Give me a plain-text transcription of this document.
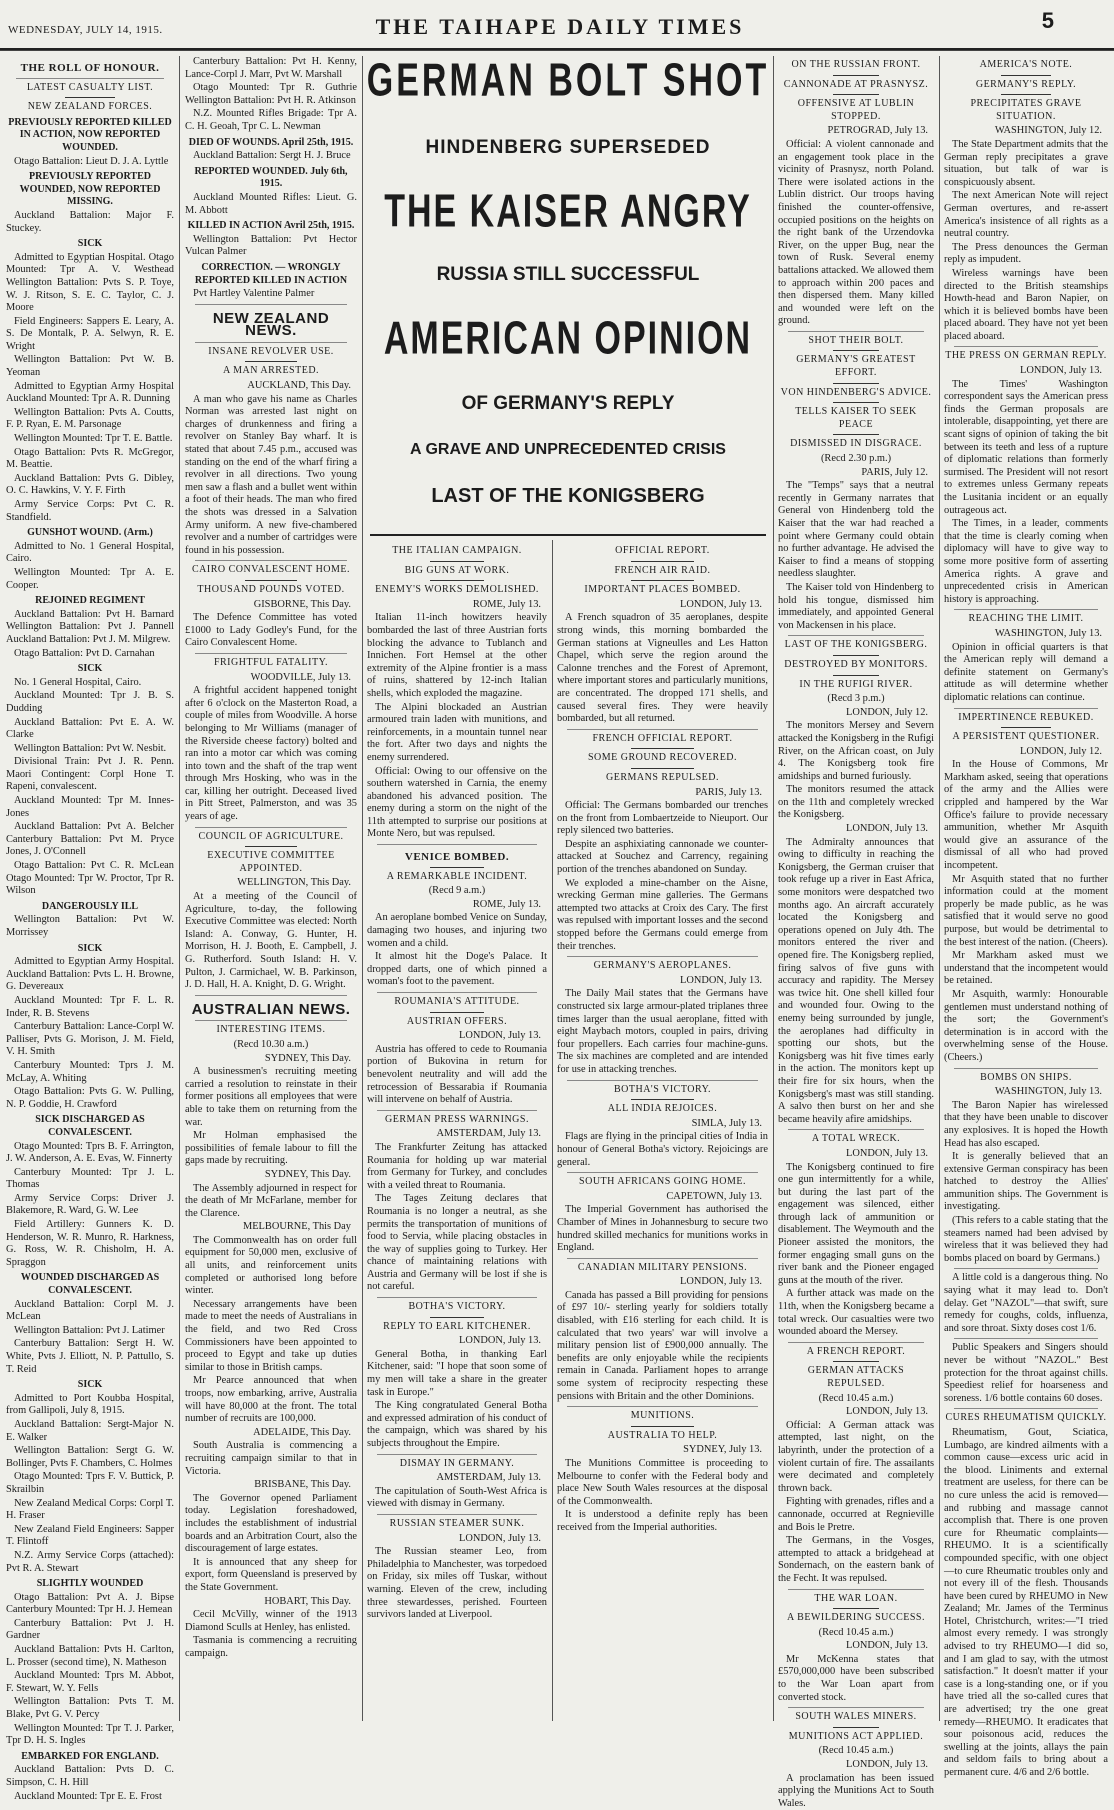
WEDNESDAY, JULY 14, 1915.	THE TAIHAPE DAILY TIMES	5
THE ROLL OF HONOUR.
LATEST CASUALTY LIST.
NEW ZEALAND FORCES.
PREVIOUSLY REPORTED KILLED IN ACTION, NOW REPORTED WOUNDED.

Otago Battalion: Lieut D. J. A. Lyttle

PREVIOUSLY REPORTED WOUNDED, NOW REPORTED MISSING.

Auckland Battalion: Major F. Stuckey.

SICK

Admitted to Egyptian Hospital. Otago Mounted: Tpr A. V. Westhead Wellington Battalion: Pvts S. P. Toye, W. J. Ritson, S. E. C. Taylor, C. J. Moore

Field Engineers: Sappers E. Leary, A. S. De Montalk, P. A. Selwyn, R. E. Wright

Wellington Battalion: Pvt W. B. Yeoman

Admitted to Egyptian Army Hospital Auckland Mounted: Tpr A. R. Dunning

Wellington Battalion: Pvts A. Coutts, F. P. Ryan, E. M. Parsonage

Wellington Mounted: Tpr T. E. Battle.

Otago Battalion: Pvts R. McGregor, M. Beattie.

Auckland Battalion: Pvts G. Dibley, O. C. Hawkins, V. Y. F. Firth

Army Service Corps: Pvt C. R. Standfield.

GUNSHOT WOUND. (Arm.)

Admitted to No. 1 General Hospital, Cairo.

Wellington Mounted: Tpr A. E. Cooper.

REJOINED REGIMENT

Auckland Battalion: Pvt H. Barnard Wellington Battalion: Pvt J. Pannell Auckland Battalion: Pvt J. M. Milgrew.

Otago Battalion: Pvt D. Carnahan

SICK

No. 1 General Hospital, Cairo.

Auckland Mounted: Tpr J. B. S. Dudding

Auckland Battalion: Pvt E. A. W. Clarke

Wellington Battalion: Pvt W. Nesbit.

Divisional Train: Pvt J. R. Penn. Maori Contingent: Corpl Hone T. Rapeni, convalescent.

Auckland Mounted: Tpr M. Innes-Jones

Auckland Battalion: Pvt A. Belcher Canterbury Battalion: Pvt M. Pryce Jones, J. O'Connell

Otago Battalion: Pvt C. R. McLean Otago Mounted: Tpr W. Proctor, Tpr R. Wilson

DANGEROUSLY ILL

Wellington Battalion: Pvt W. Morrissey

SICK

Admitted to Egyptian Army Hospital. Auckland Battalion: Pvts L. H. Browne, G. Devereaux

Auckland Mounted: Tpr F. L. R. Inder, R. B. Stevens

Canterbury Battalion: Lance-Corpl W. Palliser, Pvts G. Morison, J. M. Field, V. H. Smith

Canterbury Mounted: Tprs J. M. McLay, A. Whiting

Otago Battalion: Pvts G. W. Pulling, N. P. Goddie, H. Crawford

SICK DISCHARGED AS CONVALESCENT.

Otago Mounted: Tprs B. F. Arrington, J. W. Anderson, A. E. Evas, W. Finnerty

Canterbury Mounted: Tpr J. L. Thomas

Army Service Corps: Driver J. Blakemore, R. Ward, G. W. Lee

Field Artillery: Gunners K. D. Henderson, W. R. Munro, R. Harkness, G. Ross, W. R. Chisholm, H. A. Spraggon

WOUNDED DISCHARGED AS CONVALESCENT.

Auckland Battalion: Corpl M. J. McLean

Wellington Battalion: Pvt J. Latimer

Canterbury Battalion: Sergt H. W. White, Pvts J. Elliott, N. P. Pattullo, S. T. Reid

SICK

Admitted to Port Koubba Hospital, from Gallipoli, July 8, 1915.

Auckland Battalion: Sergt-Major N. E. Walker

Wellington Battalion: Sergt G. W. Bollinger, Pvts F. Chambers, C. Holmes

Otago Mounted: Tprs F. V. Buttick, P. Skrailbin

New Zealand Medical Corps: Corpl T. H. Fraser

New Zealand Field Engineers: Sapper T. Flintoff

N.Z. Army Service Corps (attached): Pvt R. A. Stewart

SLIGHTLY WOUNDED

Otago Battalion: Pvt A. J. Bipse Canterbury Mounted: Tpr H. J. Hemean

Canterbury Battalion: Pvt J. H. Gardner

Auckland Battalion: Pvts H. Carlton, L. Prosser (second time), N. Matheson

Auckland Mounted: Tprs M. Abbot, F. Stewart, W. Y. Fells

Wellington Battalion: Pvts T. M. Blake, Pvt G. V. Percy

Wellington Mounted: Tpr T. J. Parker, Tpr D. H. S. Ingles

EMBARKED FOR ENGLAND.

Auckland Battalion: Pvts D. C. Simpson, C. H. Hill

Auckland Mounted: Tpr E. E. Frost

Canterbury Battalion: Pvt H. Kenny, Lance-Corpl J. Marr, Pvt W. Marshall

Otago Mounted: Tpr R. Guthrie Wellington Battalion: Pvt H. R. Atkinson

N.Z. Mounted Rifles Brigade: Tpr A. C. H. Geoah, Tpr C. L. Newman

DIED OF WOUNDS. April 25th, 1915.

Auckland Battalion: Sergt H. J. Bruce

REPORTED WOUNDED. July 6th, 1915.

Auckland Mounted Rifles: Lieut. G. M. Abbott

KILLED IN ACTION Avril 25th, 1915.

Wellington Battalion: Pvt Hector Vulcan Palmer

CORRECTION. — WRONGLY REPORTED KILLED IN ACTION

Pvt Hartley Valentine Palmer

NEW ZEALAND NEWS.
INSANE REVOLVER USE.
A MAN ARRESTED.
AUCKLAND, This Day.

A man who gave his name as Charles Norman was arrested last night on charges of drunkenness and firing a revolver on Stanley Bay wharf. It is stated that about 7.45 p.m., accused was standing on the end of the wharf firing a revolver in all directions. Two young men saw a flash and a bullet went within a foot of their heads. The man who fired the shots was dressed in a Salvation Army uniform. A new five-chambered revolver and a number of cartridges were found in his possession.

CAIRO CONVALESCENT HOME.
THOUSAND POUNDS VOTED.
GISBORNE, This Day.

The Defence Committee has voted £1000 to Lady Godley's Fund, for the Cairo Convalescent Home.

FRIGHTFUL FATALITY.
WOODVILLE, July 13.

A frightful accident happened tonight after 6 o'clock on the Masterton Road, a couple of miles from Woodville. A horse belonging to Mr Williams (manager of the Riverside cheese factory) bolted and ran into a motor car which was coming into town and the shaft of the trap went through Mrs Hosking, who was in the car, killing her outright. Deceased lived in Pitt Street, Palmerston, and was 35 years of age.

COUNCIL OF AGRICULTURE.
EXECUTIVE COMMITTEE APPOINTED.
WELLINGTON, This Day.

At a meeting of the Council of Agriculture, to-day, the following Executive Committee was elected: North Island: A. Conway, G. Hunter, H. Morrison, H. J. Booth, E. Campbell, J. G. Rutherford. South Island: H. V. Pulton, J. Carmichael, W. B. Parkinson, J. D. Hall, H. A. Knight, D. G. Wright.

AUSTRALIAN NEWS.
INTERESTING ITEMS.
(Recd 10.30 a.m.)
SYDNEY, This Day.

A businessmen's recruiting meeting carried a resolution to reinstate in their former positions all employees that were able to take them on returning from the war.

Mr Holman emphasised the possibilities of female labour to fill the gaps made by recruiting.

SYDNEY, This Day.

The Assembly adjourned in respect for the death of Mr McFarlane, member for the Clarence.

MELBOURNE, This Day

The Commonwealth has on order full equipment for 50,000 men, exclusive of all units, and reinforcement units completed or authorised long before winter.

Necessary arrangements have been made to meet the needs of Australians in the field, and two Red Cross Commissioners have been appointed to proceed to Egypt and take up duties similar to those in British camps.

Mr Pearce announced that when troops, now embarking, arrive, Australia will have 80,000 at the front. The total number of recruits are 100,000.

ADELAIDE, This Day.

South Australia is commencing a recruiting campaign similar to that in Victoria.

BRISBANE, This Day.

The Governor opened Parliament today. Legislation foreshadowed, includes the establishment of industrial boards and an Arbitration Court, also the discouragement of large estates.

It is announced that any sheep for export, form Queensland is preserved by the State Government.

HOBART, This Day.

Cecil McVilly, winner of the 1913 Diamond Sculls at Henley, has enlisted.

Tasmania is commencing a recruiting campaign.

GERMAN BOLT SHOT
HINDENBERG SUPERSEDED
THE KAISER ANGRY
RUSSIA STILL SUCCESSFUL
AMERICAN OPINION
OF GERMANY'S REPLY
A GRAVE AND UNPRECEDENTED CRISIS
LAST OF THE KONIGSBERG
THE ITALIAN CAMPAIGN.
BIG GUNS AT WORK.
ENEMY'S WORKS DEMOLISHED.
ROME, July 13.

Italian 11-inch howitzers heavily bombarded the last of three Austrian forts blocking the advance to Tublanch and Innichen. Fort Hemsel at the other extremity of the Alpine frontier is a mass of ruins, shattered by 12-inch Italian shells, which exploded the magazine.

The Alpini blockaded an Austrian armoured train laden with munitions, and reinforcements, in a mountain tunnel near the fort. After two days and nights the enemy surrendered.

Official: Owing to our offensive on the southern watershed in Carnia, the enemy abandoned his advanced position. The enemy during a storm on the night of the 11th attempted to surprise our positions at Monte Nero, but was repulsed.

VENICE BOMBED.
A REMARKABLE INCIDENT.
(Recd 9 a.m.)
ROME, July 13.

An aeroplane bombed Venice on Sunday, damaging two houses, and injuring two women and a child.

It almost hit the Doge's Palace. It dropped darts, one of which pinned a woman's foot to the pavement.

ROUMANIA'S ATTITUDE.
AUSTRIAN OFFERS.
LONDON, July 13.

Austria has offered to cede to Roumania portion of Bukovina in return for benevolent neutrality and will add the retrocession of Bessarabia if Roumania will intervene on behalf of Austria.

GERMAN PRESS WARNINGS.
AMSTERDAM, July 13.

The Frankfurter Zeitung has attacked Roumania for holding up war material from Germany for Turkey, and concludes with a veiled threat to Roumania.

The Tages Zeitung declares that Roumania is no longer a neutral, as she permits the transportation of munitions of food to Servia, while placing obstacles in the way of supplies going to Turkey. Her chance of maintaining relations with Austria and Germany will be lost if she is not careful.

BOTHA'S VICTORY.
REPLY TO EARL KITCHENER.
LONDON, July 13.

General Botha, in thanking Earl Kitchener, said: "I hope that soon some of my men will take a share in the greater task in Europe."

The King congratulated General Botha and expressed admiration of his conduct of the campaign, which was shared by his subjects throughout the Empire.

DISMAY IN GERMANY.
AMSTERDAM, July 13.

The capitulation of South-West Africa is viewed with dismay in Germany.

RUSSIAN STEAMER SUNK.
LONDON, July 13.

The Russian steamer Leo, from Philadelphia to Manchester, was torpedoed on Friday, six miles off Tuskar, without warning. Eleven of the crew, including three stewardesses, perished. Fourteen survivors landed at Liverpool.

OFFICIAL REPORT.
FRENCH AIR RAID.
IMPORTANT PLACES BOMBED.
LONDON, July 13.

A French squadron of 35 aeroplanes, despite strong winds, this morning bombarded the German stations at Vigneulles and Les Hatton Chapel, which serve the region around the Calonne trenches and the Forest of Apremont, where important stores and particularly munitions, are concentrated. The dropped 171 shells, and caused several fires. They were heavily bombarded, but all returned.

FRENCH OFFICIAL REPORT.
SOME GROUND RECOVERED.
GERMANS REPULSED.
PARIS, July 13.

Official: The Germans bombarded our trenches on the front from Lombaertzeide to Nieuport. Our reply silenced two batteries.

Despite an asphixiating cannonade we counter-attacked at Souchez and Carrency, regaining portion of the trenches abandoned on Sunday.

We exploded a mine-chamber on the Aisne, wrecking German mine galleries. The Germans attempted two attacks at Croix des Cary. The first was repulsed with important losses and the second stopped before the Germans could emerge from their trenches.

GERMANY'S AEROPLANES.
LONDON, July 13.

The Daily Mail states that the Germans have constructed six large armour-plated triplanes three times larger than the usual aeroplane, fitted with eight Maybach motors, coupled in pairs, driving four propellers. Each carries four machine-guns. The six machines are completed and are intended for use in attacking trenches.

BOTHA'S VICTORY.
ALL INDIA REJOICES.
SIMLA, July 13.

Flags are flying in the principal cities of India in honour of General Botha's victory. Rejoicings are general.

SOUTH AFRICANS GOING HOME.
CAPETOWN, July 13.

The Imperial Government has authorised the Chamber of Mines in Johannesburg to secure two hundred skilled mechanics for munitions works in England.

CANADIAN MILITARY PENSIONS.
LONDON, July 13.

Canada has passed a Bill providing for pensions of £97 10/- sterling yearly for soldiers totally disabled, with £16 sterling for each child. It is calculated that two years' war will involve a military pension list of £900,000 annually. The benefits are only enjoyable while the recipients remain in Canada. Parliament hopes to arrange some system of reciprocity respecting these pensions with Britain and the other Dominions.

MUNITIONS.
AUSTRALIA TO HELP.
SYDNEY, July 13.

The Munitions Committee is proceeding to Melbourne to confer with the Federal body and place New South Wales resources at the disposal of the Commonwealth.

It is understood a definite reply has been received from the Imperial authorities.

ON THE RUSSIAN FRONT.
CANNONADE AT PRASNYSZ.
OFFENSIVE AT LUBLIN STOPPED.
PETROGRAD, July 13.

Official: A violent cannonade and an engagement took place in the vicinity of Prasnysz, north Poland. There were isolated actions in the Lublin district. Our troops having finished the counter-offensive, occupied positions on the heights on the right bank of the Urzendovka River, on the upper Bug, near the town of Rusk. Several enemy battalions attacked. We allowed them to approach within 200 paces and then dispersed them. Many killed and wounded were left on the ground.

SHOT THEIR BOLT.
GERMANY'S GREATEST EFFORT.
VON HINDENBERG'S ADVICE.
TELLS KAISER TO SEEK PEACE
DISMISSED IN DISGRACE.
(Recd 2.30 p.m.)
PARIS, July 12.

The "Temps" says that a neutral recently in Germany narrates that General von Hindenberg told the Kaiser that the war had reached a point where Germany could obtain no further advantage. He advised the Kaiser to find a means of stopping needless slaughter.

The Kaiser told von Hindenberg to hold his tongue, dismissed him immediately, and appointed General von Mackensen in his place.

LAST OF THE KONIGSBERG.
DESTROYED BY MONITORS.
IN THE RUFIGI RIVER.
(Recd 3 p.m.)
LONDON, July 12.

The monitors Mersey and Severn attacked the Konigsberg in the Rufigi River, on the African coast, on July 4. The Konigsberg took fire amidships and burned furiously.

The monitors resumed the attack on the 11th and completely wrecked the Konigsberg.

LONDON, July 13.

The Admiralty announces that owing to difficulty in reaching the Konigsberg, the German cruiser that took refuge up a river in East Africa, some monitors were despatched two months ago. An aircraft accurately located the Konigsberg and operations opened on July 4th. The monitors entered the river and opened fire. The Konigsberg replied, firing salvos of five guns with accuracy and rapidity. The Mersey was twice hit. One shell killed four and wounded four. Owing to the enemy being surrounded by jungle, the aeroplanes had difficulty in spotting our shots, but the Konigsberg was hit five times early in the action. The monitors kept up their fire for six hours, when the Konigsberg's mast was still standing. A salvo then burst on her and she became heavily afire amidships.

A TOTAL WRECK.
LONDON, July 13.

The Konigsberg continued to fire one gun intermittently for a while, but during the last part of the engagement was silenced, either through lack of ammunition or disablement. The Weymouth and the Pioneer assisted the monitors, the former engaging small guns on the river bank and the Pioneer engaged guns at the mouth of the river.

A further attack was made on the 11th, when the Konigsberg became a total wreck. Our casualties were two wounded aboard the Mersey.

A FRENCH REPORT.
GERMAN ATTACKS REPULSED.
(Recd 10.45 a.m.)
LONDON, July 13.

Official: A German attack was attempted, last night, on the labyrinth, under the protection of a violent curtain of fire. The assailants were decimated and completely thrown back.

Fighting with grenades, rifles and a cannonade, occurred at Regnieville and Bois le Pretre.

The Germans, in the Vosges, attempted to attack a bridgehead at Sondernach, on the eastern bank of the Fecht. It was repulsed.

THE WAR LOAN.
A BEWILDERING SUCCESS.
(Recd 10.45 a.m.)
LONDON, July 13.

Mr McKenna states that £570,000,000 have been subscribed to the War Loan apart from converted stock.

SOUTH WALES MINERS.
MUNITIONS ACT APPLIED.
(Recd 10.45 a.m.)
LONDON, July 13.

A proclamation has been issued applying the Munitions Act to South Wales.

AMERICA'S NOTE.
GERMANY'S REPLY.
PRECIPITATES GRAVE SITUATION.
WASHINGTON, July 12.

The State Department admits that the German reply precipitates a grave situation, but talk of war is conspicuously absent.

The next American Note will reject German overtures, and re-assert America's insistence of all rights as a neutral country.

The Press denounces the German reply as impudent.

Wireless warnings have been directed to the British steamships Howth-head and Baron Napier, on which it is believed bombs have been placed aboard. They have not yet been placed aboard.

THE PRESS ON GERMAN REPLY.
LONDON, July 13.

The Times' Washington correspondent says the American press finds the German proposals are intolerable, disappointing, yet there are scant signs of opinion of taking the bit between its teeth and less of a rupture of diplomatic relations than formerly surmised. The President will not resort to extremes unless Germany repeats the Lusitania incident or an equally outrageous act.

The Times, in a leader, comments that the time is clearly coming when diplomacy will have to give way to some more positive form of asserting America rights. A grave and unprecedented crisis in American history is approaching.

REACHING THE LIMIT.
WASHINGTON, July 13.

Opinion in official quarters is that the American reply will demand a definite statement on Germany's attitude as will determine whether diplomatic relations can continue.

IMPERTINENCE REBUKED.
A PERSISTENT QUESTIONER.
LONDON, July 12.

In the House of Commons, Mr Markham asked, seeing that operations of the army and the Allies were crippled and hampered by the War Office's failure to provide necessary ammunition, whether Mr Asquith would give an assurance of the dismissal of all who had proved incompetent.

Mr Asquith stated that no further information could at the moment properly be made public, as he was satisfied that it would serve no good purpose, but would be detrimental to the best interest of the nation. (Cheers).

Mr Markham asked must we understand that the incompetent would be retained.

Mr Asquith, warmly: Honourable gentlemen must understand nothing of the sort; the Government's determination is in accord with the overwhelming sense of the House. (Cheers.)

BOMBS ON SHIPS.
WASHINGTON, July 13.

The Baron Napier has wirelessed that they have been unable to discover any explosives. It is hoped the Howth Head has also escaped.

It is generally believed that an extensive German conspiracy has been hatched to destroy the Allies' ammunition ships. The Government is investigating.

(This refers to a cable stating that the steamers named had been advised by wireless that it was believed they had bombs placed on board by Germans.)

A little cold is a dangerous thing. No saying what it may lead to. Don't delay. Get "NAZOL"—that swift, sure remedy for coughs, colds, influenza, and sore throat. Sixty doses cost 1/6.

Public Speakers and Singers should never be without "NAZOL." Best protection for the throat against chills. Speediest relief for hoarseness and soreness. 1/6 bottle contains 60 doses.

CURES RHEUMATISM QUICKLY.

Rheumatism, Gout, Sciatica, Lumbago, are kindred ailments with a common cause—excess uric acid in the blood. Liniments and external treatment are useless, for there can be no cure unless the acid is removed—and rubbing and massage cannot accomplish that. There is one proven cure for Rheumatic complaints—RHEUMO. It is a scientifically compounded specific, with one object—to cure Rheumatic troubles only and not every ill of the flesh. Thousands have been cured by RHEUMO in New Zealand; Mr. James of the Terminus Hotel, Christchurch, writes:—"I tried almost every remedy. I was strongly advised to try RHEUMO—I did so, and I am glad to say, with the utmost satisfaction." It doesn't matter if your case is a long-standing one, or if you have tried all the so-called cures that are advertised; try the one great remedy—RHEUMO. It eradicates that sour poisonous acid, reduces the swelling at the joints, allays the pain and seldom fails to bring about a permanent cure. 4/6 and 2/6 bottle.
